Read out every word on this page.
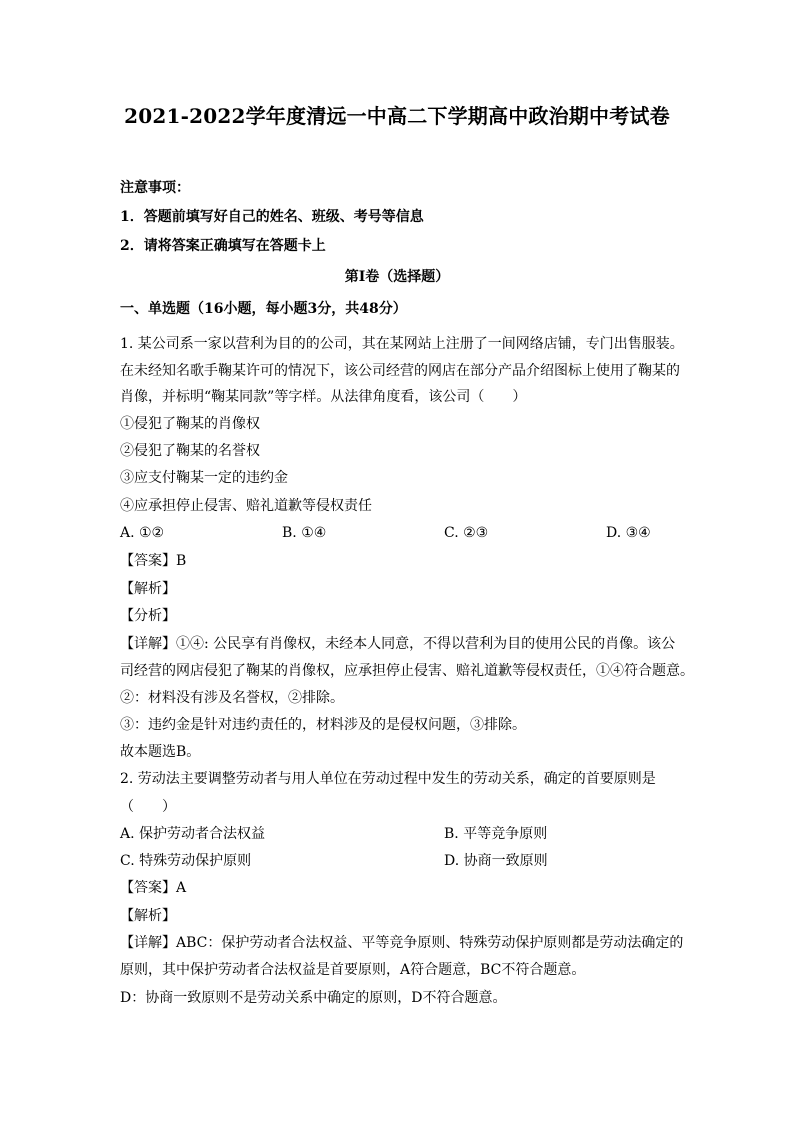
2021-2022学年度清远一中高二下学期高中政治期中考试卷
注意事项：
1．答题前填写好自己的姓名、班级、考号等信息
2．请将答案正确填写在答题卡上
第I卷（选择题）
一、单选题（16小题，每小题3分，共48分）
1. 某公司系一家以营利为目的的公司，其在某网站上注册了一间网络店铺，专门出售服装。
在未经知名歌手鞠某许可的情况下，该公司经营的网店在部分产品介绍图标上使用了鞠某的
肖像，并标明“鞠某同款”等字样。从法律角度看，该公司（　　）
①侵犯了鞠某的肖像权
②侵犯了鞠某的名誉权
③应支付鞠某一定的违约金
④应承担停止侵害、赔礼道歉等侵权责任
A. ①②	B. ①④	C. ②③	D. ③④
【答案】B
【解析】
【分析】
【详解】①④: 公民享有肖像权，未经本人同意，不得以营利为目的使用公民的肖像。该公
司经营的网店侵犯了鞠某的肖像权，应承担停止侵害、赔礼道歉等侵权责任，①④符合题意。
②：材料没有涉及名誉权，②排除。
③：违约金是针对违约责任的，材料涉及的是侵权问题，③排除。
故本题选B。
2. 劳动法主要调整劳动者与用人单位在劳动过程中发生的劳动关系，确定的首要原则是
（　　）
A. 保护劳动者合法权益	B. 平等竞争原则
C. 特殊劳动保护原则	D. 协商一致原则
【答案】A
【解析】
【详解】ABC：保护劳动者合法权益、平等竞争原则、特殊劳动保护原则都是劳动法确定的
原则，其中保护劳动者合法权益是首要原则，A符合题意，BC不符合题意。
D：协商一致原则不是劳动关系中确定的原则，D不符合题意。
